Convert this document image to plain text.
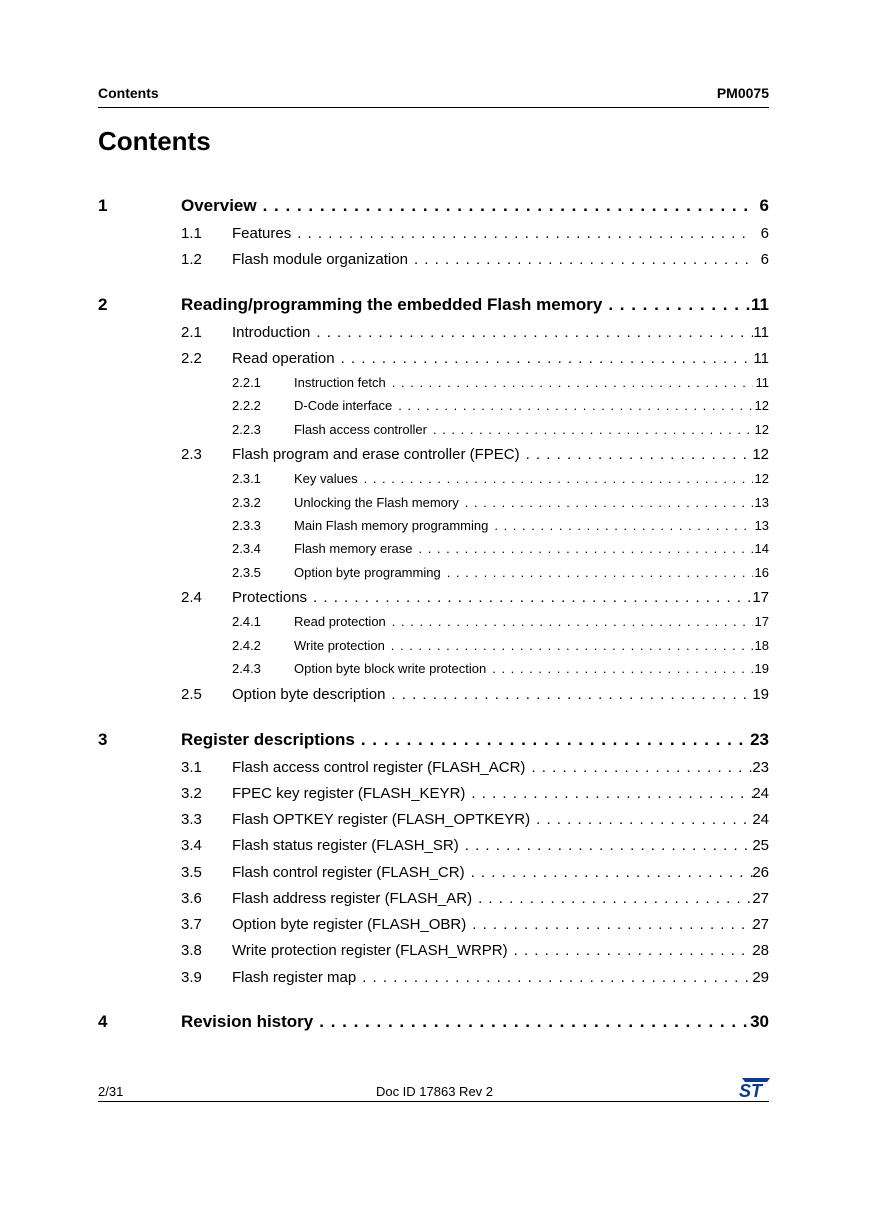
Contents	PM0075
Contents
1	Overview . . .	6
1.1 Features . . .	6
1.2 Flash module organization . . .	6
2	Reading/programming the embedded Flash memory . . .	11
2.1 Introduction . . .	11
2.2 Read operation . . .	11
2.2.1	Instruction fetch . . .	11
2.2.2	D-Code interface . . .	12
2.2.3	Flash access controller . . .	12
2.3 Flash program and erase controller (FPEC) . . .	12
2.3.1	Key values . . .	12
2.3.2	Unlocking the Flash memory . . .	13
2.3.3	Main Flash memory programming . . .	13
2.3.4	Flash memory erase . . .	14
2.3.5	Option byte programming . . .	16
2.4 Protections . . .	17
2.4.1	Read protection . . .	17
2.4.2	Write protection . . .	18
2.4.3	Option byte block write protection . . .	19
2.5 Option byte description . . .	19
3	Register descriptions . . .	23
3.1 Flash access control register (FLASH_ACR) . . .	23
3.2 FPEC key register (FLASH_KEYR) . . .	24
3.3 Flash OPTKEY register (FLASH_OPTKEYR) . . .	24
3.4 Flash status register (FLASH_SR) . . .	25
3.5 Flash control register (FLASH_CR) . . .	26
3.6 Flash address register (FLASH_AR) . . .	27
3.7 Option byte register (FLASH_OBR) . . .	27
3.8 Write protection register (FLASH_WRPR) . . .	28
3.9 Flash register map . . .	29
4	Revision history . . .	30
2/31	Doc ID 17863 Rev 2	ST
